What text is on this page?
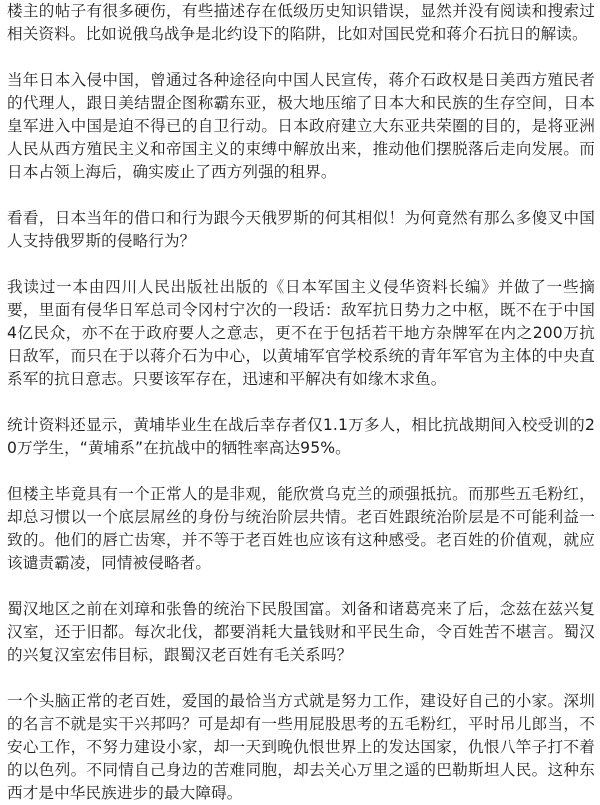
楼主的帖子有很多硬伤，有些描述存在低级历史知识错误，显然并没有阅读和搜索过相关资料。比如说俄乌战争是北约设下的陷阱，比如对国民党和蒋介石抗日的解读。

当年日本入侵中国，曾通过各种途径向中国人民宣传，蒋介石政权是日美西方殖民者的代理人，跟日美结盟企图称霸东亚，极大地压缩了日本大和民族的生存空间，日本皇军进入中国是迫不得已的自卫行动。日本政府建立大东亚共荣圈的目的，是将亚洲人民从西方殖民主义和帝国主义的束缚中解放出来，推动他们摆脱落后走向发展。而日本占领上海后，确实废止了西方列强的租界。

看看，日本当年的借口和行为跟今天俄罗斯的何其相似！为何竟然有那么多傻叉中国人支持俄罗斯的侵略行为？

我读过一本由四川人民出版社出版的《日本军国主义侵华资料长编》并做了一些摘要，里面有侵华日军总司令冈村宁次的一段话：敌军抗日势力之中枢，既不在于中国4亿民众，亦不在于政府要人之意志，更不在于包括若干地方杂牌军在内之200万抗日敌军，而只在于以蒋介石为中心，以黄埔军官学校系统的青年军官为主体的中央直系军的抗日意志。只要该军存在，迅速和平解决有如缘木求鱼。

统计资料还显示，黄埔毕业生在战后幸存者仅1.1万多人，相比抗战期间入校受训的20万学生，“黄埔系”在抗战中的牺牲率高达95%。

但楼主毕竟具有一个正常人的是非观，能欣赏乌克兰的顽强抵抗。而那些五毛粉红，却总习惯以一个底层屌丝的身份与统治阶层共情。老百姓跟统治阶层是不可能利益一致的。他们的唇亡齿寒，并不等于老百姓也应该有这种感受。老百姓的价值观，就应该谴责霸凌，同情被侵略者。

蜀汉地区之前在刘璋和张鲁的统治下民殷国富。刘备和诸葛亮来了后，念兹在兹兴复汉室，还于旧都。每次北伐，都要消耗大量钱财和平民生命，令百姓苦不堪言。蜀汉的兴复汉室宏伟目标，跟蜀汉老百姓有毛关系吗？

一个头脑正常的老百姓，爱国的最恰当方式就是努力工作，建设好自己的小家。深圳的名言不就是实干兴邦吗？可是却有一些用屁股思考的五毛粉红，平时吊儿郎当，不安心工作，不努力建设小家，却一天到晚仇恨世界上的发达国家，仇恨八竿子打不着的以色列。不同情自己身边的苦难同胞，却去关心万里之遥的巴勒斯坦人民。这种东西才是中华民族进步的最大障碍。
